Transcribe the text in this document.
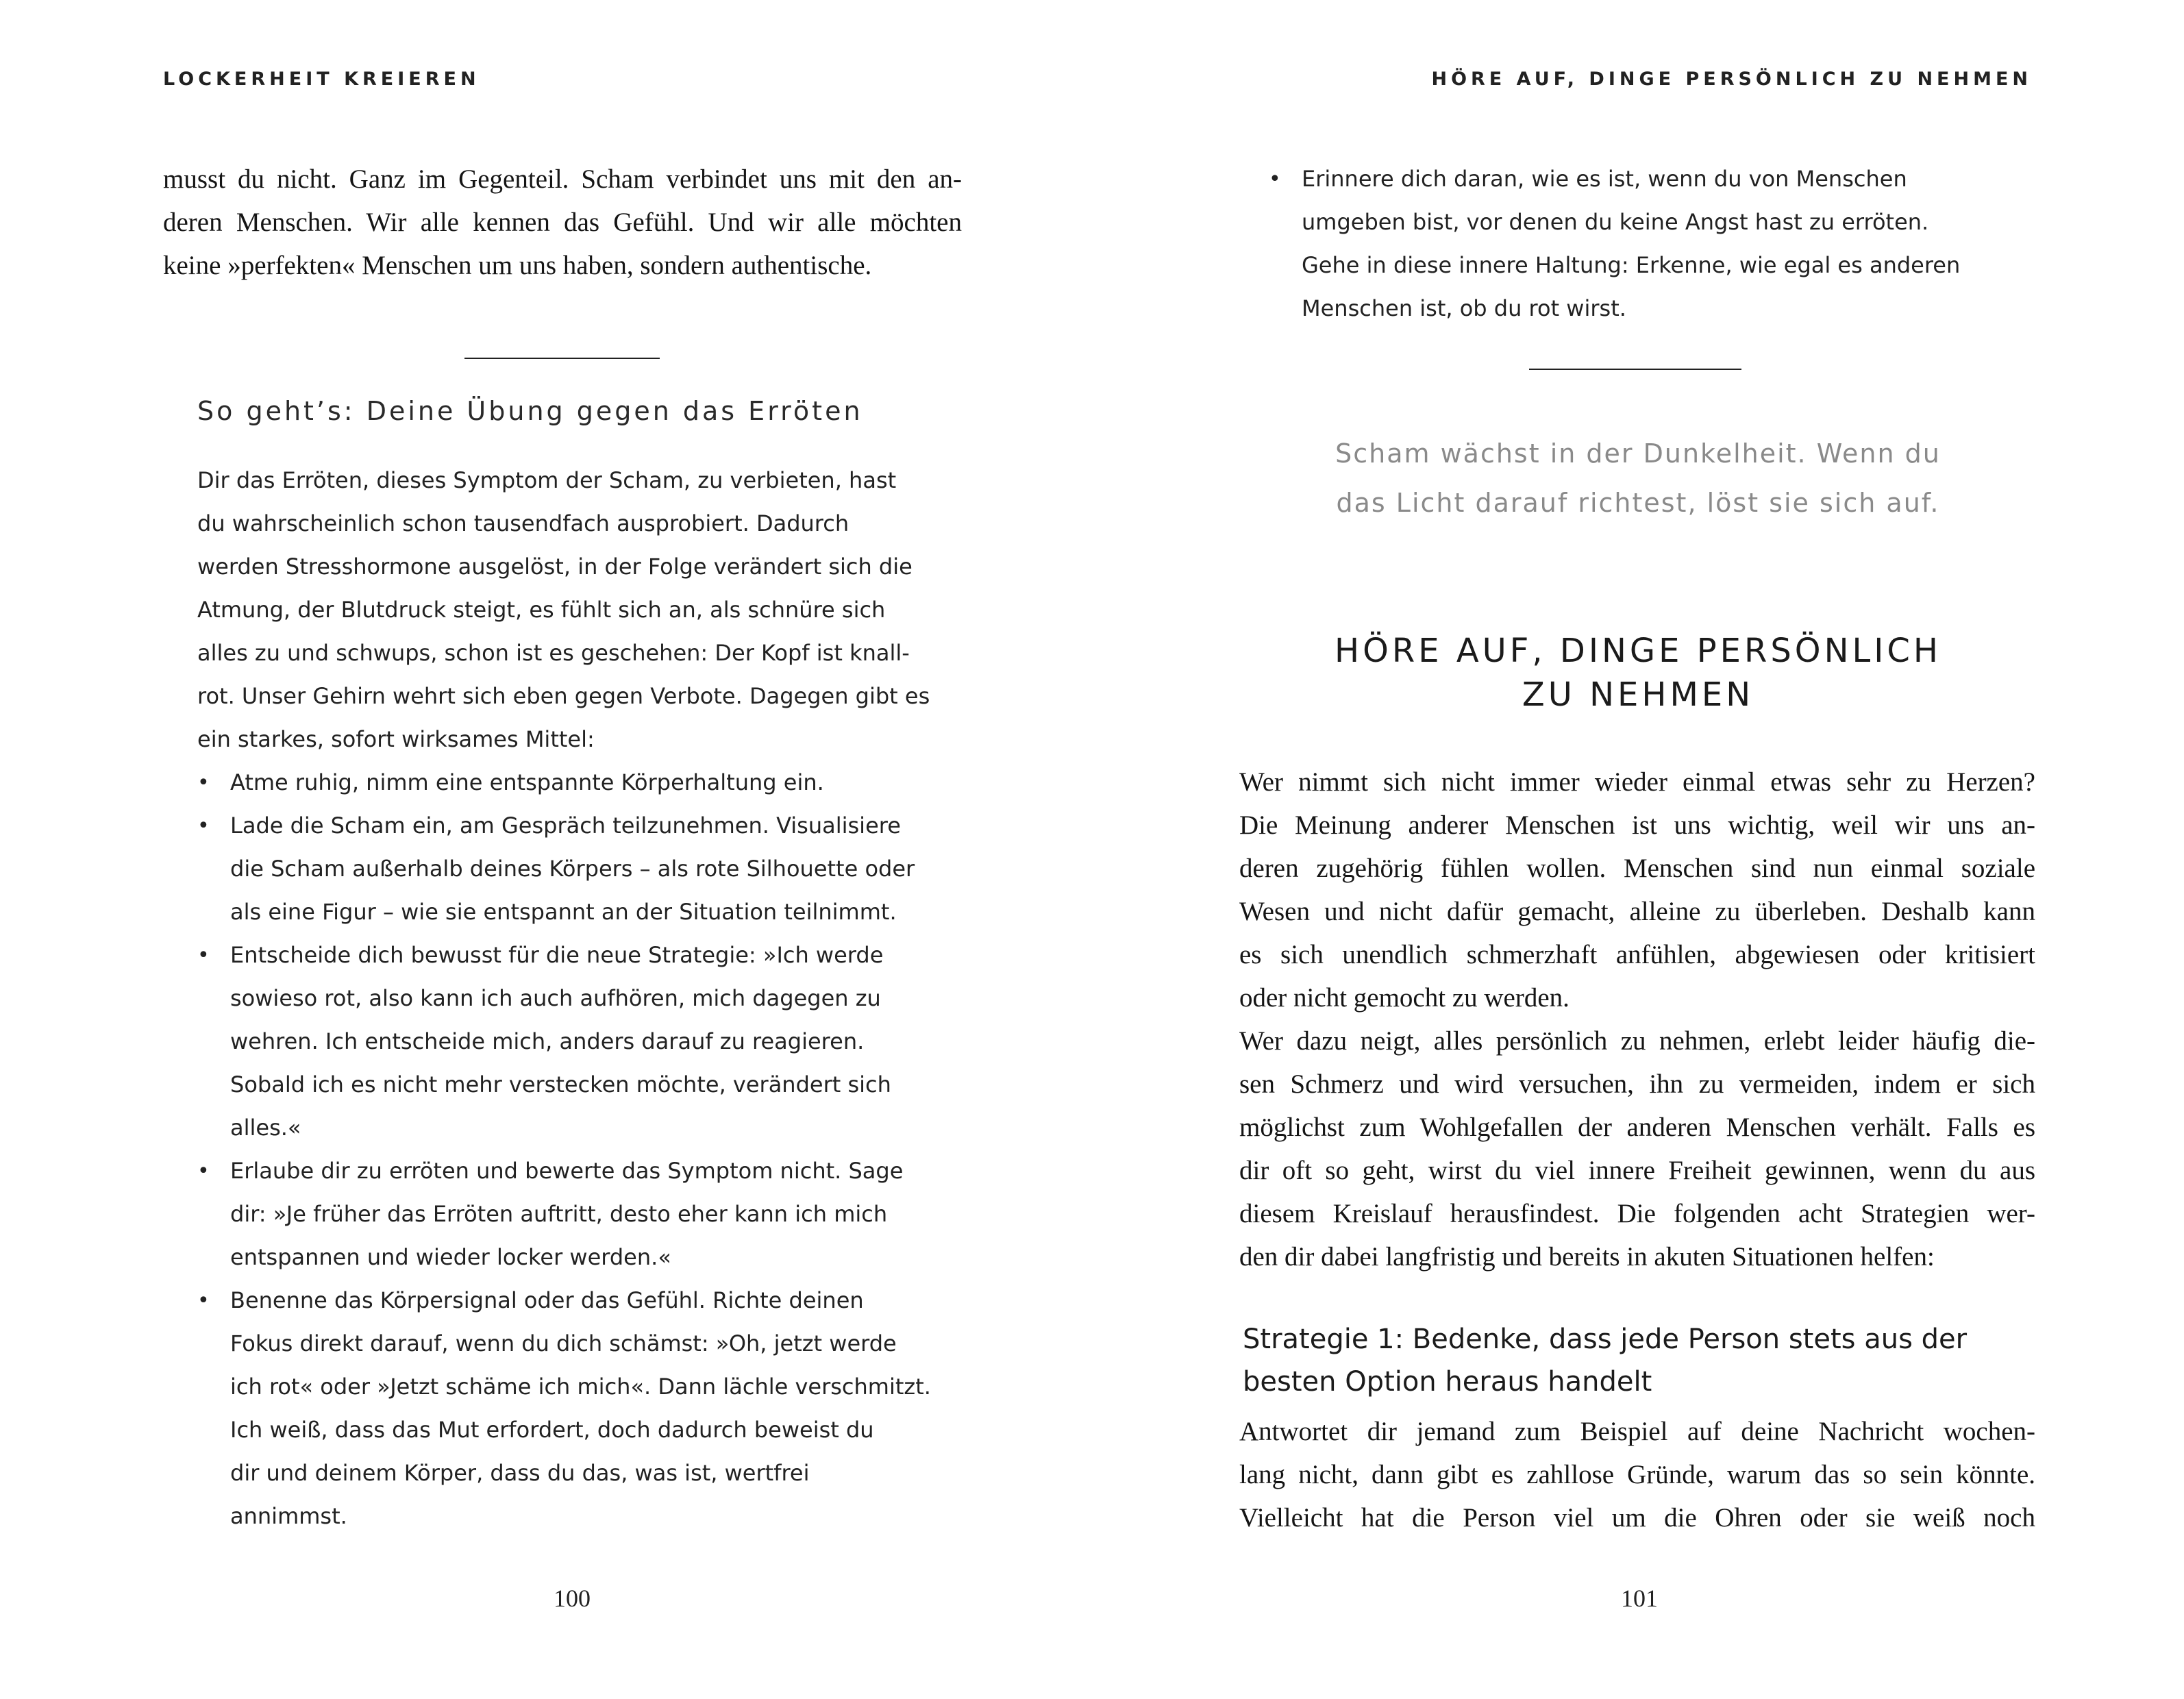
LOCKERHEIT KREIEREN
musst du nicht. Ganz im Gegenteil. Scham verbindet uns mit den an-
deren Menschen. Wir alle kennen das Gefühl. Und wir alle möchten
keine »perfekten« Menschen um uns haben, sondern authentische.
So geht’s: Deine Übung gegen das Erröten
Dir das Erröten, dieses Symptom der Scham, zu verbieten, hast
du wahrscheinlich schon tausendfach ausprobiert. Dadurch
werden Stresshormone ausgelöst, in der Folge verändert sich die
Atmung, der Blutdruck steigt, es fühlt sich an, als schnüre sich
alles zu und schwups, schon ist es geschehen: Der Kopf ist knall-
rot. Unser Gehirn wehrt sich eben gegen Verbote. Dagegen gibt es
ein starkes, sofort wirksames Mittel:
• Atme ruhig, nimm eine entspannte Körperhaltung ein.
• Lade die Scham ein, am Gespräch teilzunehmen. Visualisiere
die Scham außerhalb deines Körpers – als rote Silhouette oder
als eine Figur – wie sie entspannt an der Situation teilnimmt.
• Entscheide dich bewusst für die neue Strategie: »Ich werde
sowieso rot, also kann ich auch aufhören, mich dagegen zu
wehren. Ich entscheide mich, anders darauf zu reagieren.
Sobald ich es nicht mehr verstecken möchte, verändert sich
alles.«
• Erlaube dir zu erröten und bewerte das Symptom nicht. Sage
dir: »Je früher das Erröten auftritt, desto eher kann ich mich
entspannen und wieder locker werden.«
• Benenne das Körpersignal oder das Gefühl. Richte deinen
Fokus direkt darauf, wenn du dich schämst: »Oh, jetzt werde
ich rot« oder »Jetzt schäme ich mich«. Dann lächle verschmitzt.
Ich weiß, dass das Mut erfordert, doch dadurch beweist du
dir und deinem Körper, dass du das, was ist, wertfrei
annimmst.
100
HÖRE AUF, DINGE PERSÖNLICH ZU NEHMEN
• Erinnere dich daran, wie es ist, wenn du von Menschen
umgeben bist, vor denen du keine Angst hast zu erröten.
Gehe in diese innere Haltung: Erkenne, wie egal es anderen
Menschen ist, ob du rot wirst.
HÖRE AUF, DINGE PERSÖNLICH
ZU NEHMEN
Wer nimmt sich nicht immer wieder einmal etwas sehr zu Herzen?
Die Meinung anderer Menschen ist uns wichtig, weil wir uns an-
deren zugehörig fühlen wollen. Menschen sind nun einmal soziale
Wesen und nicht dafür gemacht, alleine zu überleben. Deshalb kann
es sich unendlich schmerzhaft anfühlen, abgewiesen oder kritisiert
oder nicht gemocht zu werden.
Wer dazu neigt, alles persönlich zu nehmen, erlebt leider häufig die-
sen Schmerz und wird versuchen, ihn zu vermeiden, indem er sich
möglichst zum Wohlgefallen der anderen Menschen verhält. Falls es
dir oft so geht, wirst du viel innere Freiheit gewinnen, wenn du aus
diesem Kreislauf herausfindest. Die folgenden acht Strategien wer-
den dir dabei langfristig und bereits in akuten Situationen helfen:
Strategie 1: Bedenke, dass jede Person stets aus der
besten Option heraus handelt
Antwortet dir jemand zum Beispiel auf deine Nachricht wochen-
lang nicht, dann gibt es zahllose Gründe, warum das so sein könnte.
Vielleicht hat die Person viel um die Ohren oder sie weiß noch
101
Scham wächst in der Dunkelheit. Wenn du
das Licht darauf richtest, löst sie sich auf.
